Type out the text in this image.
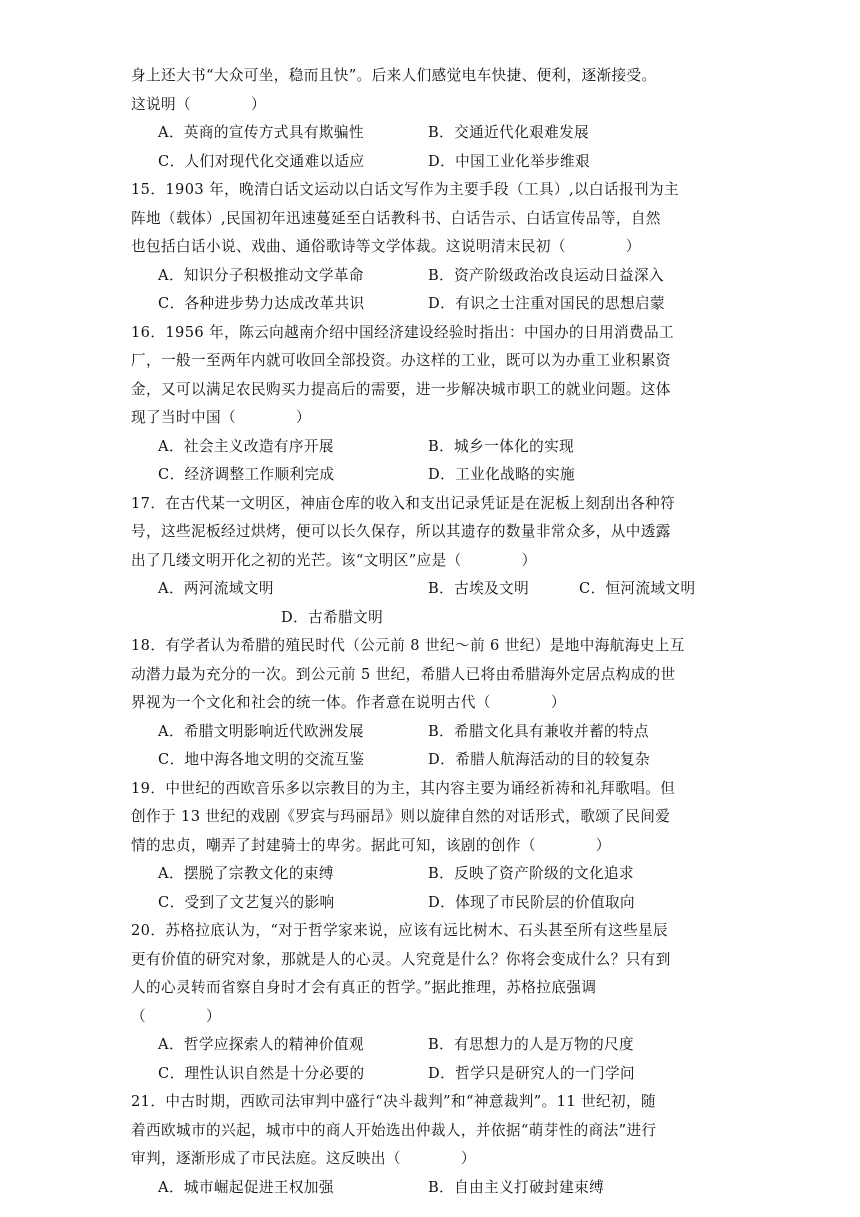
身上还大书“大众可坐，稳而且快”。后来人们感觉电车快捷、便利，逐渐接受。
这说明（　　　　）
A．英商的宣传方式具有欺骗性	B．交通近代化艰难发展
C．人们对现代化交通难以适应	D．中国工业化举步维艰
15．1903 年，晚清白话文运动以白话文写作为主要手段（工具）,以白话报刊为主
阵地（载体）,民国初年迅速蔓延至白话教科书、白话告示、白话宣传品等，自然
也包括白话小说、戏曲、通俗歌诗等文学体裁。这说明清末民初（　　　　）
A．知识分子积极推动文学革命	B．资产阶级政治改良运动日益深入
C．各种进步势力达成改革共识	D．有识之士注重对国民的思想启蒙
16．1956 年，陈云向越南介绍中国经济建设经验时指出：中国办的日用消费品工
厂，一般一至两年内就可收回全部投资。办这样的工业，既可以为办重工业积累资
金，又可以满足农民购买力提高后的需要，进一步解决城市职工的就业问题。这体
现了当时中国（　　　　）
A．社会主义改造有序开展	B．城乡一体化的实现
C．经济调整工作顺利完成	D．工业化战略的实施
17．在古代某一文明区，神庙仓库的收入和支出记录凭证是在泥板上刻刮出各种符
号，这些泥板经过烘烤，便可以长久保存，所以其遗存的数量非常众多，从中透露
出了几缕文明开化之初的光芒。该“文明区”应是（　　　　）
A．两河流域文明	B．古埃及文明	C．恒河流域文明
D．古希腊文明
18．有学者认为希腊的殖民时代（公元前 8 世纪～前 6 世纪）是地中海航海史上互
动潜力最为充分的一次。到公元前 5 世纪，希腊人已将由希腊海外定居点构成的世
界视为一个文化和社会的统一体。作者意在说明古代（　　　　）
A．希腊文明影响近代欧洲发展	B．希腊文化具有兼收并蓄的特点
C．地中海各地文明的交流互鉴	D．希腊人航海活动的目的较复杂
19．中世纪的西欧音乐多以宗教目的为主，其内容主要为诵经祈祷和礼拜歌唱。但
创作于 13 世纪的戏剧《罗宾与玛丽昂》则以旋律自然的对话形式，歌颂了民间爱
情的忠贞，嘲弄了封建骑士的卑劣。据此可知，该剧的创作（　　　　）
A．摆脱了宗教文化的束缚	B．反映了资产阶级的文化追求
C．受到了文艺复兴的影响	D．体现了市民阶层的价值取向
20．苏格拉底认为，“对于哲学家来说，应该有远比树木、石头甚至所有这些星辰
更有价值的研究对象，那就是人的心灵。人究竟是什么？你将会变成什么？只有到
人的心灵转而省察自身时才会有真正的哲学。”据此推理，苏格拉底强调
（　　　　）
A．哲学应探索人的精神价值观	B．有思想力的人是万物的尺度
C．理性认识自然是十分必要的	D．哲学只是研究人的一门学问
21．中古时期，西欧司法审判中盛行“决斗裁判”和“神意裁判”。11 世纪初，随
着西欧城市的兴起，城市中的商人开始选出仲裁人，并依据“萌芽性的商法”进行
审判，逐渐形成了市民法庭。这反映出（　　　　）
A．城市崛起促进王权加强	B．自由主义打破封建束缚
